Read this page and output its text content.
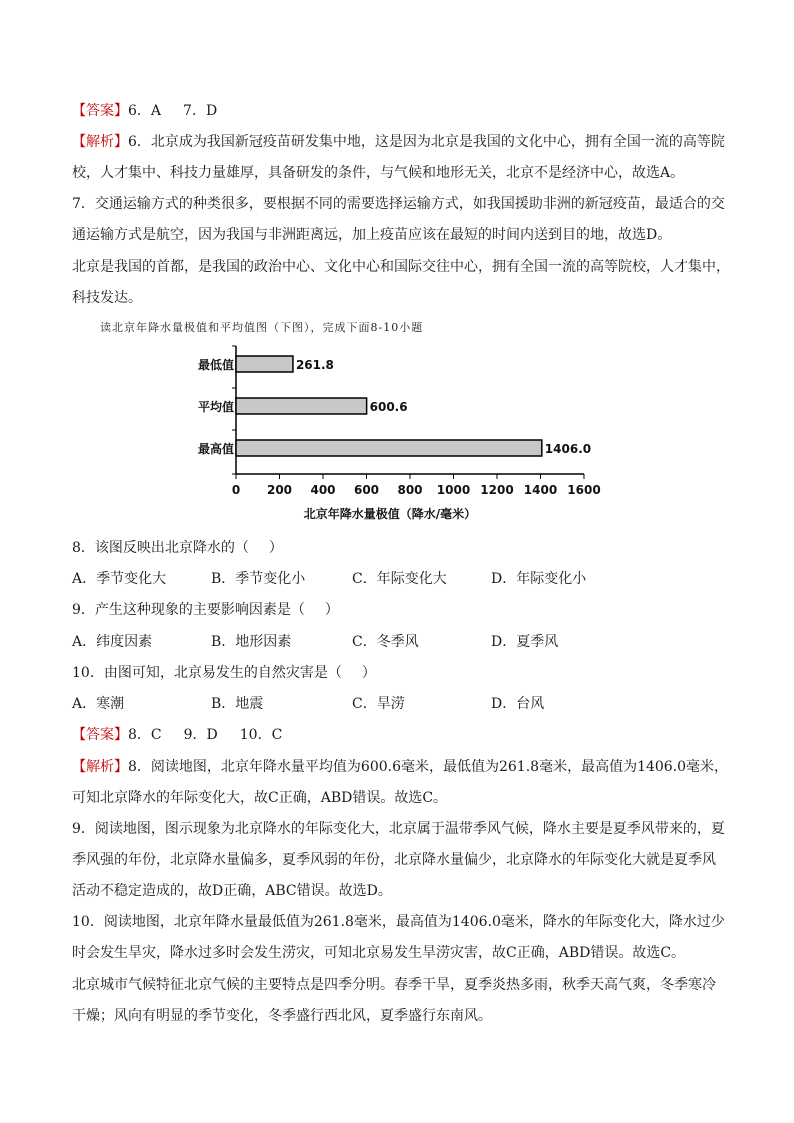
【答案】6．A 7．D
【解析】6．北京成为我国新冠疫苗研发集中地，这是因为北京是我国的文化中心，拥有全国一流的高等院
校，人才集中、科技力量雄厚，具备研发的条件，与气候和地形无关，北京不是经济中心，故选A。
7．交通运输方式的种类很多，要根据不同的需要选择运输方式，如我国援助非洲的新冠疫苗，最适合的交
通运输方式是航空，因为我国与非洲距离远，加上疫苗应该在最短的时间内送到目的地，故选D。
北京是我国的首都，是我国的政治中心、文化中心和国际交往中心，拥有全国一流的高等院校，人才集中，
科技发达。
读北京年降水量极值和平均值图（下图），完成下面8-10小题
0 200 400 600 800 1000 1200 1400 1600
最低值	261.8
平均值	600.6
最高值	1406.0
北京年降水量极值（降水/毫米）
8．该图反映出北京降水的（ ）
A．季节变化大	B．季节变化小	C．年际变化大	D．年际变化小
9．产生这种现象的主要影响因素是（ ）
A．纬度因素	B．地形因素	C．冬季风	D．夏季风
10．由图可知，北京易发生的自然灾害是（ ）
A．寒潮	B．地震	C．旱涝	D．台风
【答案】8．C 9．D 10．C
【解析】8．阅读地图，北京年降水量平均值为600.6毫米，最低值为261.8毫米，最高值为1406.0毫米，
可知北京降水的年际变化大，故C正确，ABD错误。故选C。
9．阅读地图，图示现象为北京降水的年际变化大，北京属于温带季风气候，降水主要是夏季风带来的，夏
季风强的年份，北京降水量偏多，夏季风弱的年份，北京降水量偏少，北京降水的年际变化大就是夏季风
活动不稳定造成的，故D正确，ABC错误。故选D。
10．阅读地图，北京年降水量最低值为261.8毫米，最高值为1406.0毫米，降水的年际变化大，降水过少
时会发生旱灾，降水过多时会发生涝灾，可知北京易发生旱涝灾害，故C正确，ABD错误。故选C。
北京城市气候特征北京气候的主要特点是四季分明。春季干旱，夏季炎热多雨，秋季天高气爽，冬季寒冷
干燥；风向有明显的季节变化，冬季盛行西北风，夏季盛行东南风。
